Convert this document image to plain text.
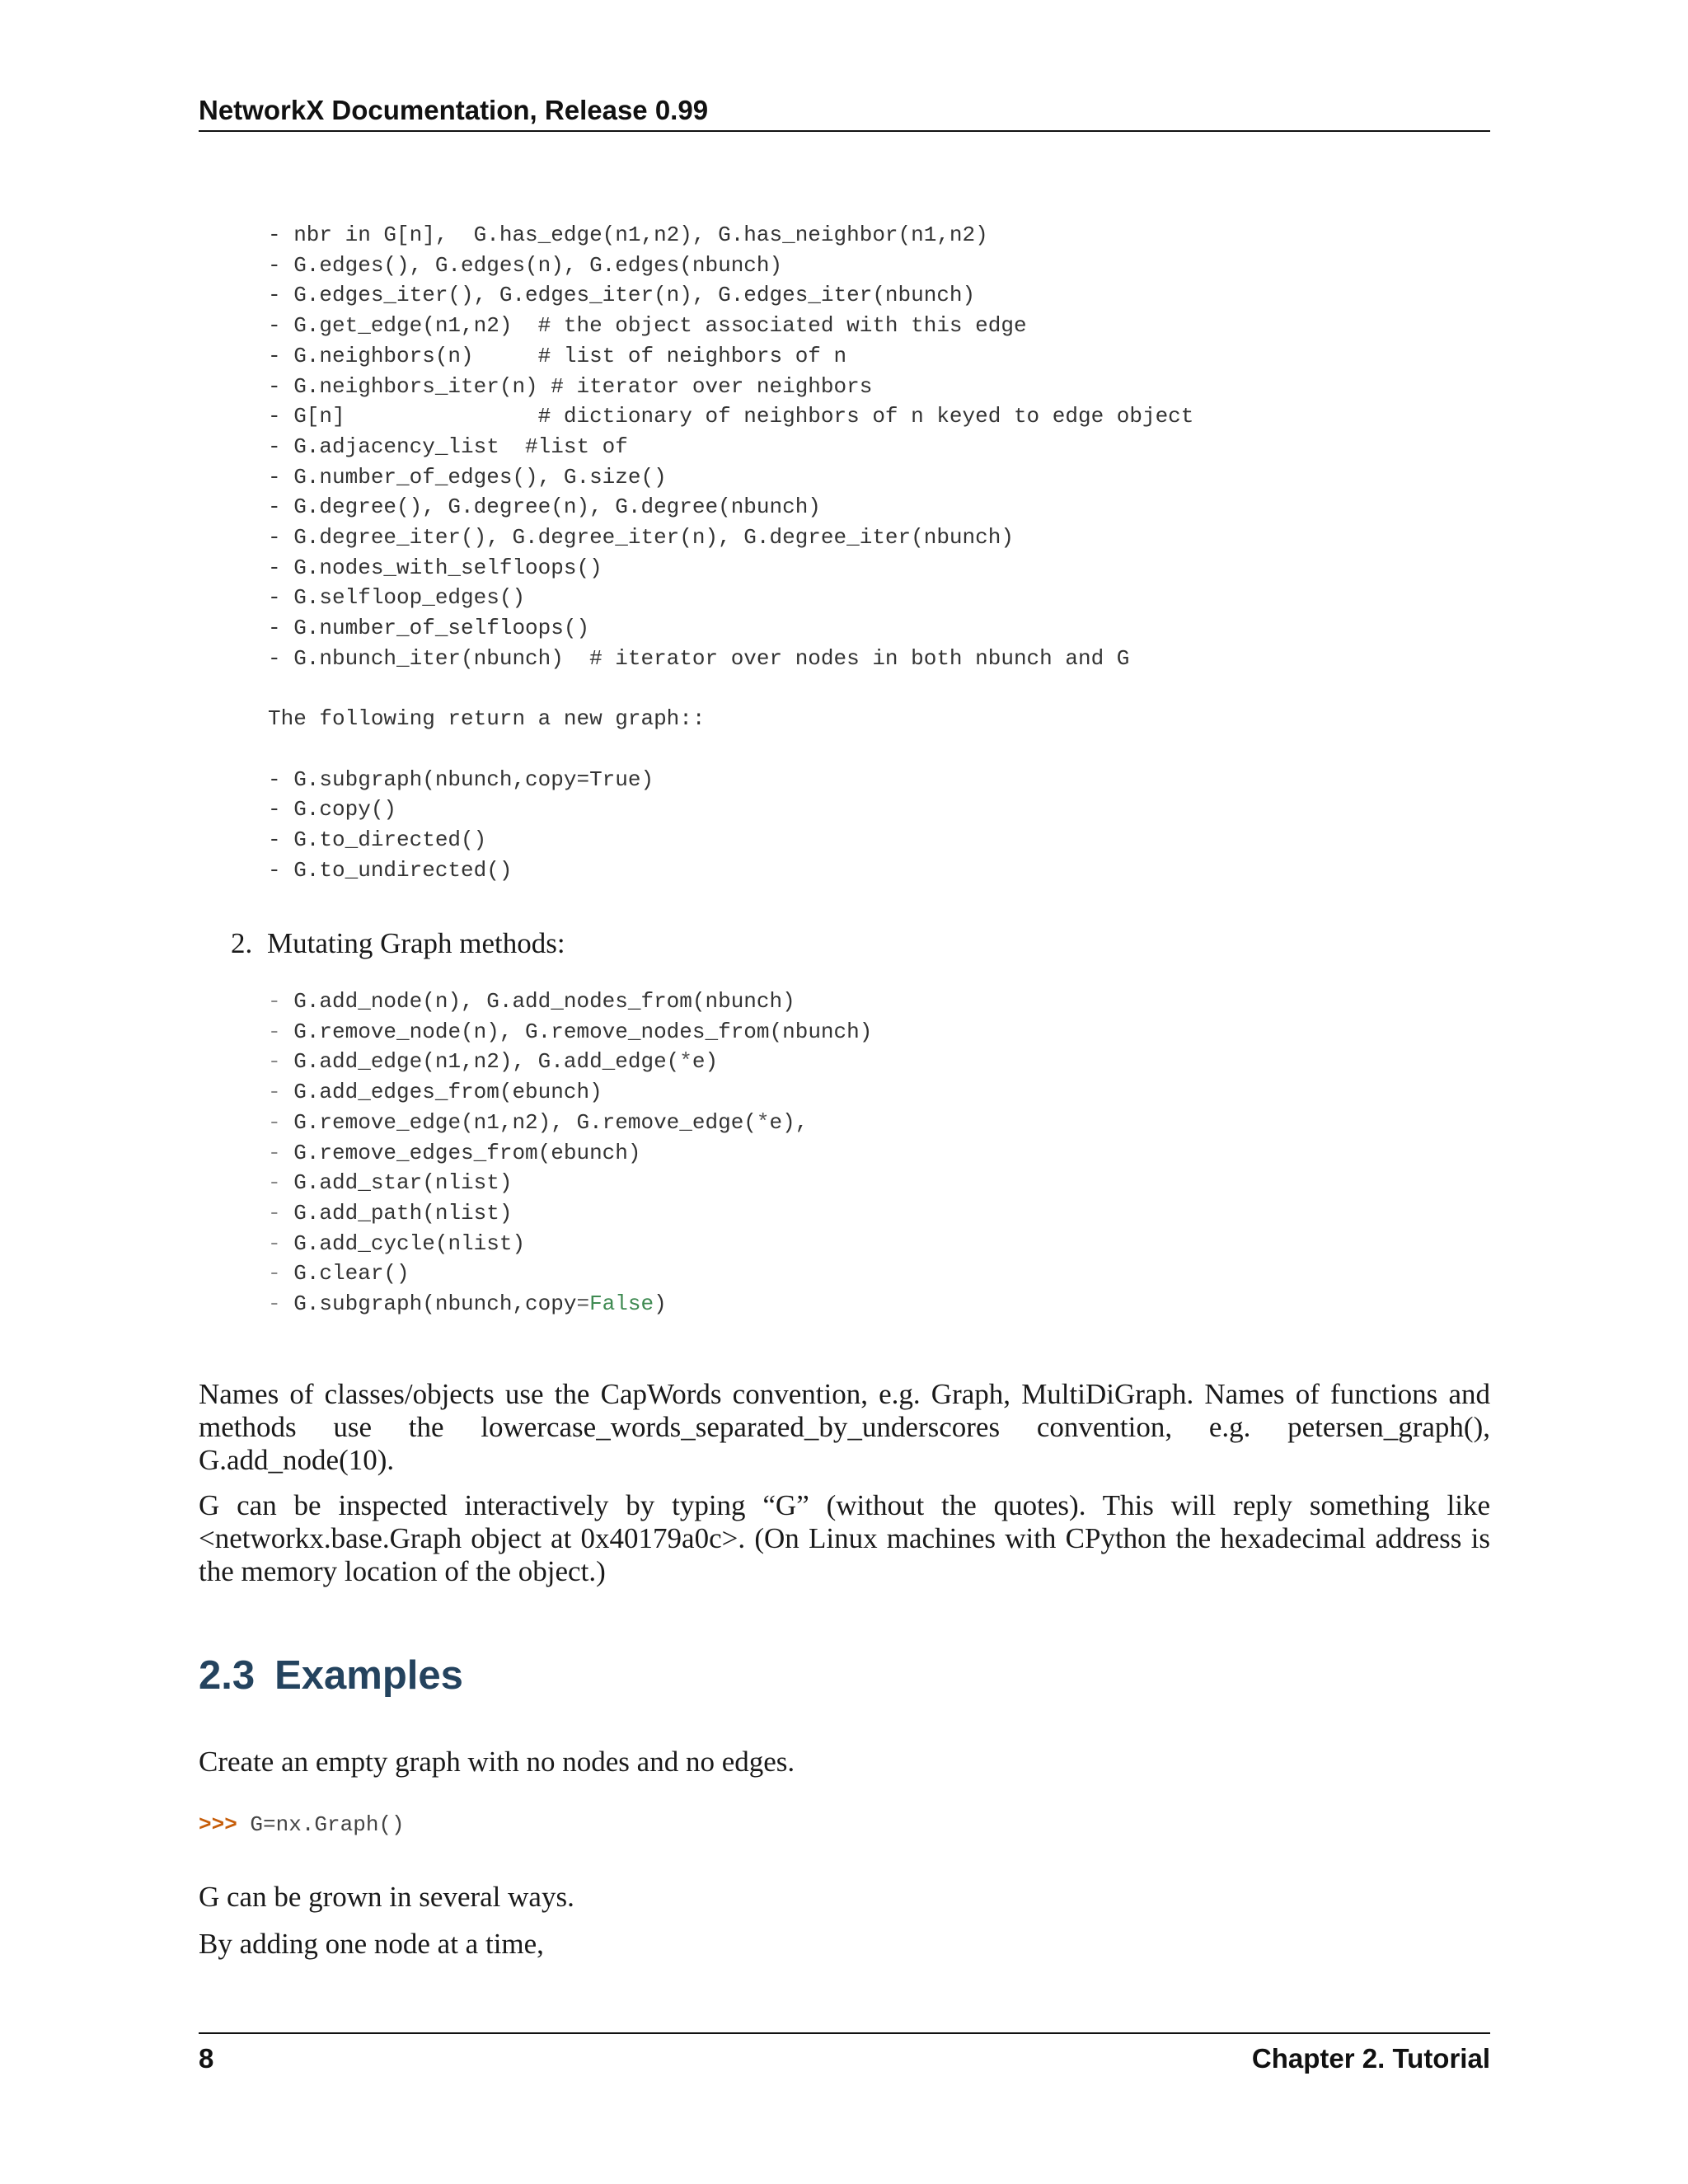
NetworkX Documentation, Release 0.99
- nbr in G[n],  G.has_edge(n1,n2), G.has_neighbor(n1,n2)
- G.edges(), G.edges(n), G.edges(nbunch)
- G.edges_iter(), G.edges_iter(n), G.edges_iter(nbunch)
- G.get_edge(n1,n2)  # the object associated with this edge
- G.neighbors(n)     # list of neighbors of n
- G.neighbors_iter(n) # iterator over neighbors
- G[n]               # dictionary of neighbors of n keyed to edge object
- G.adjacency_list  #list of
- G.number_of_edges(), G.size()
- G.degree(), G.degree(n), G.degree(nbunch)
- G.degree_iter(), G.degree_iter(n), G.degree_iter(nbunch)
- G.nodes_with_selfloops()
- G.selfloop_edges()
- G.number_of_selfloops()
- G.nbunch_iter(nbunch)  # iterator over nodes in both nbunch and G

The following return a new graph::

- G.subgraph(nbunch,copy=True)
- G.copy()
- G.to_directed()
- G.to_undirected()
2. Mutating Graph methods:
- G.add_node(n), G.add_nodes_from(nbunch)
- G.remove_node(n), G.remove_nodes_from(nbunch)
- G.add_edge(n1,n2), G.add_edge(*e)
- G.add_edges_from(ebunch)
- G.remove_edge(n1,n2), G.remove_edge(*e),
- G.remove_edges_from(ebunch)
- G.add_star(nlist)
- G.add_path(nlist)
- G.add_cycle(nlist)
- G.clear()
- G.subgraph(nbunch,copy=False)

Names of classes/objects use the CapWords convention, e.g. Graph, MultiDiGraph. Names of functions and methods use the lowercase_words_separated_by_underscores convention, e.g. petersen_graph(), G.add_node(10).

G can be inspected interactively by typing “G” (without the quotes). This will reply something like <networkx.base.Graph object at 0x40179a0c>. (On Linux machines with CPython the hexadecimal address is the memory location of the object.)

2.3 Examples

Create an empty graph with no nodes and no edges.

>>> G=nx.Graph()

G can be grown in several ways.

By adding one node at a time,

8	Chapter 2. Tutorial
